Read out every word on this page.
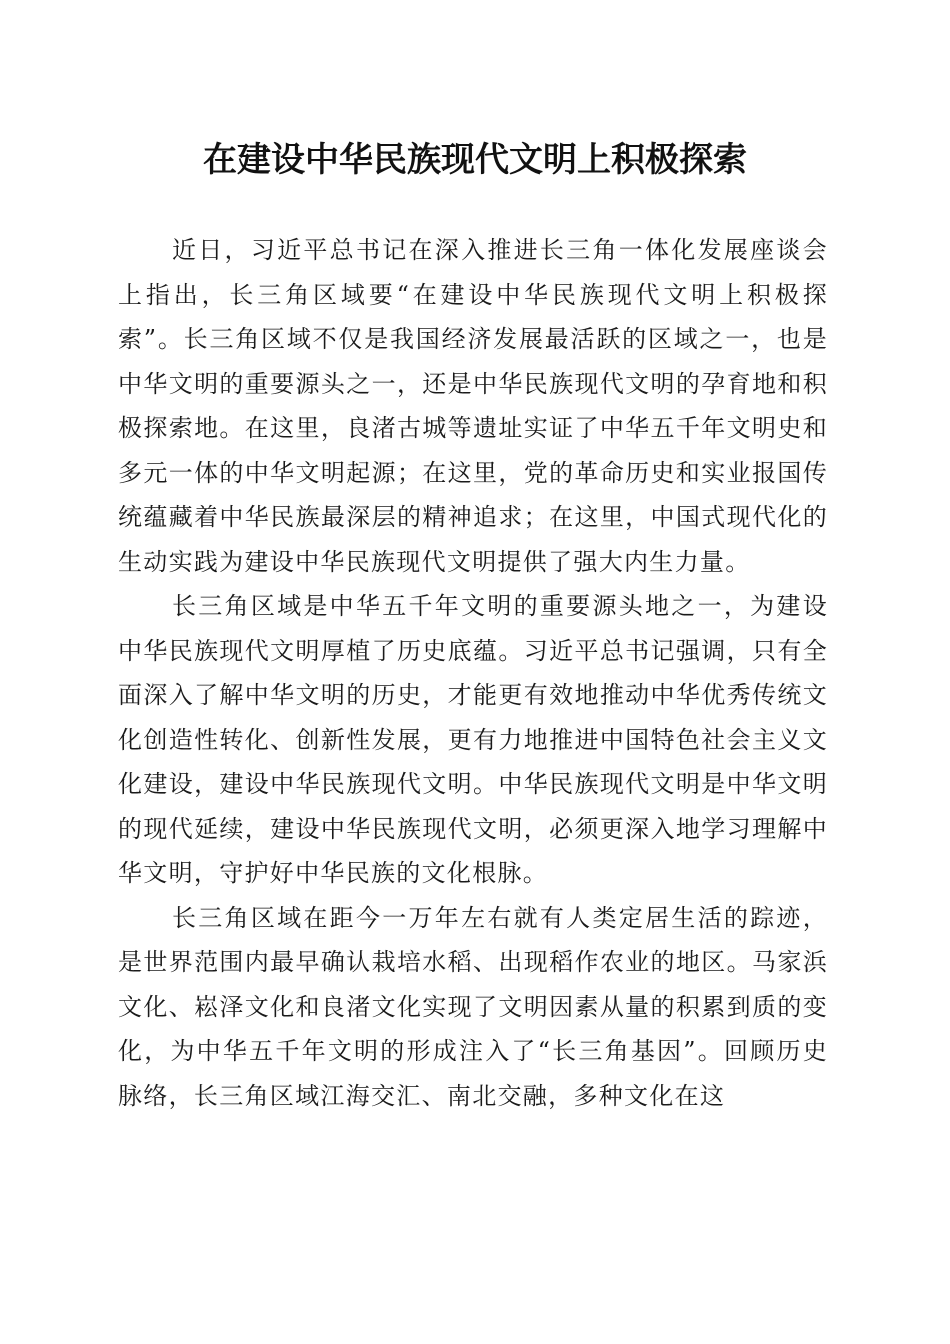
在建设中华民族现代文明上积极探索

近日，习近平总书记在深入推进长三角一体化发展座谈会上指出，长三角区域要“在建设中华民族现代文明上积极探索”。长三角区域不仅是我国经济发展最活跃的区域之一，也是中华文明的重要源头之一，还是中华民族现代文明的孕育地和积极探索地。在这里，良渚古城等遗址实证了中华五千年文明史和多元一体的中华文明起源；在这里，党的革命历史和实业报国传统蕴藏着中华民族最深层的精神追求；在这里，中国式现代化的生动实践为建设中华民族现代文明提供了强大内生力量。

长三角区域是中华五千年文明的重要源头地之一，为建设中华民族现代文明厚植了历史底蕴。习近平总书记强调，只有全面深入了解中华文明的历史，才能更有效地推动中华优秀传统文化创造性转化、创新性发展，更有力地推进中国特色社会主义文化建设，建设中华民族现代文明。中华民族现代文明是中华文明的现代延续，建设中华民族现代文明，必须更深入地学习理解中华文明，守护好中华民族的文化根脉。

长三角区域在距今一万年左右就有人类定居生活的踪迹，是世界范围内最早确认栽培水稻、出现稻作农业的地区。马家浜文化、崧泽文化和良渚文化实现了文明因素从量的积累到质的变化，为中华五千年文明的形成注入了“长三角基因”。回顾历史脉络，长三角区域江海交汇、南北交融，多种文化在这
